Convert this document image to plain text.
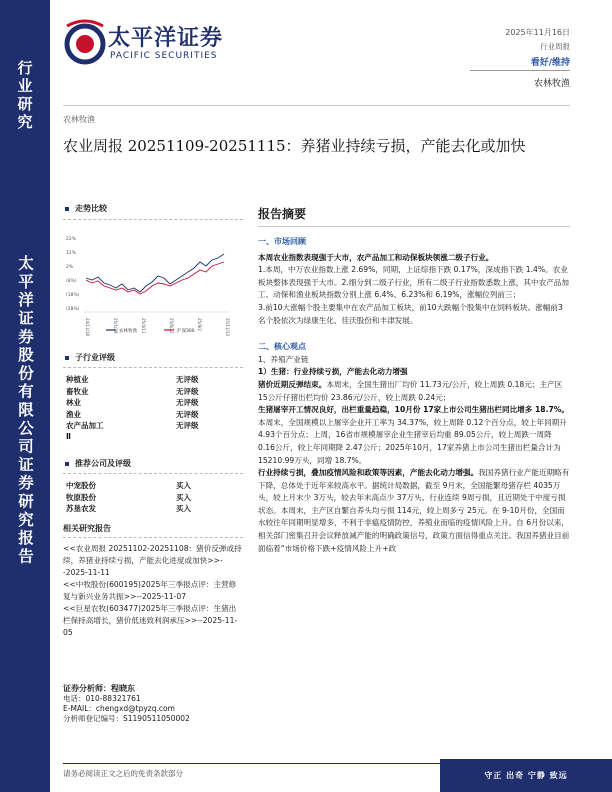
行业研究
太平洋证券股份有限公司证券研究报告
太平洋证券
PACIFIC SECURITIES
2025年11月16日
行业周报
看好/维持
农林牧渔
农林牧渔
农业周报 20251109-20251115：养猪业持续亏损，产能去化或加快
走势比较
22%
12%
2%
(8%)
(18%)
(28%)
24/11/18	25/1/29	25/4/11	25/6/22	25/9/2	25/11/13
农林牧渔	沪深300
子行业评级
种植业	无评级
畜牧业	无评级
林业	无评级
渔业	无评级
农产品加工	无评级
Ⅱ
推荐公司及评级
中宠股份	买入
牧原股份	买入
苏垦农发	买入
相关研究报告

<<农业周报 20251102-20251108：猪价反弹或持续，养猪业持续亏损，产能去化进度或加快>>--2025-11-11

<<中牧股份(600195)2025年三季报点评：主营修复与新兴业务共振>>--2025-11-07

<<巨星农牧(603477)2025年三季报点评：生猪出栏保持高增长，猪价低迷致利润承压>>--2025-11-05

证券分析师：程晓东
电话：010-88321761
E-MAIL：chengxd@tpyzq.com
分析师登记编号：S1190511050002
报告摘要
一、市场回顾
本周农业指数表现强于大市，农产品加工和动保板块领涨二级子行业。
1.本周，中万农业指数上涨 2.69%，同期，上证综指下跌 0.17%，深成指下跌 1.4%。农业板块整体表现强于大市。2.细分到二级子行业，所有二级子行业指数悉数上涨，其中农产品加工、动保和渔业板块指数分别上涨 6.4%、6.23%和 6.19%，涨幅位列前三；
3.前10大涨幅个股主要集中在农产品加工板块，前10大跌幅个股集中在饲料板块。涨幅前3名个股依次为绿康生化、佳沃股份和丰津发展。
二、核心观点
1、养殖产业链
1）生猪：行业持续亏损，产能去化动力增强
猪价近期反弹结束。本周末，全国生猪出厂均价 11.73元/公斤，较上周跌 0.18元；主产区 15公斤仔猪出栏均价 23.86元/公斤，较上周跌 0.24元；
生猪屠宰开工情况良好，出栏重量趋稳，10月份 17家上市公司生猪出栏同比增多 18.7%。本周末，全国规模以上屠宰企业开工率为 34.37%，较上周降 0.12个百分点，较上年同期升 4.93个百分点；上周，16省市规模屠宰企业生猪宰后均重 89.05公斤，较上周跌一周降 0.16公斤，较上年同期降 2.47公斤；2025年10月，17家养猪上市公司生猪出栏量合计为 15210.99万头，同增 18.7%。
行业持续亏损，叠加疫情风险和政策等因素，产能去化动力增强。我国养猪行业产能近期略有下降，总体处于近年来较高水平。据统计局数据，截至 9月末，全国能繁母猪存栏 4035万头，较上月末少 3万头，较去年末高点少 37万头。行业连续 9周亏损，且近期处于中度亏损状态。本周末，主产区自繁自养头均亏损 114元，较上周多亏 25元。在 9-10月份，全国而水较往年同期明显增多，不利于非瘟疫情防控，养殖业而临的疫情风险上升。自 6月份以来，相关部门密集召开会议释放减产能的明确政策信号，政策方面信得重点关注。我国养猪业目前面临着“市场价格下跌+疫情风险上升+政
请务必阅读正文之后的免责条款部分	守正 出奇 宁静 致远
